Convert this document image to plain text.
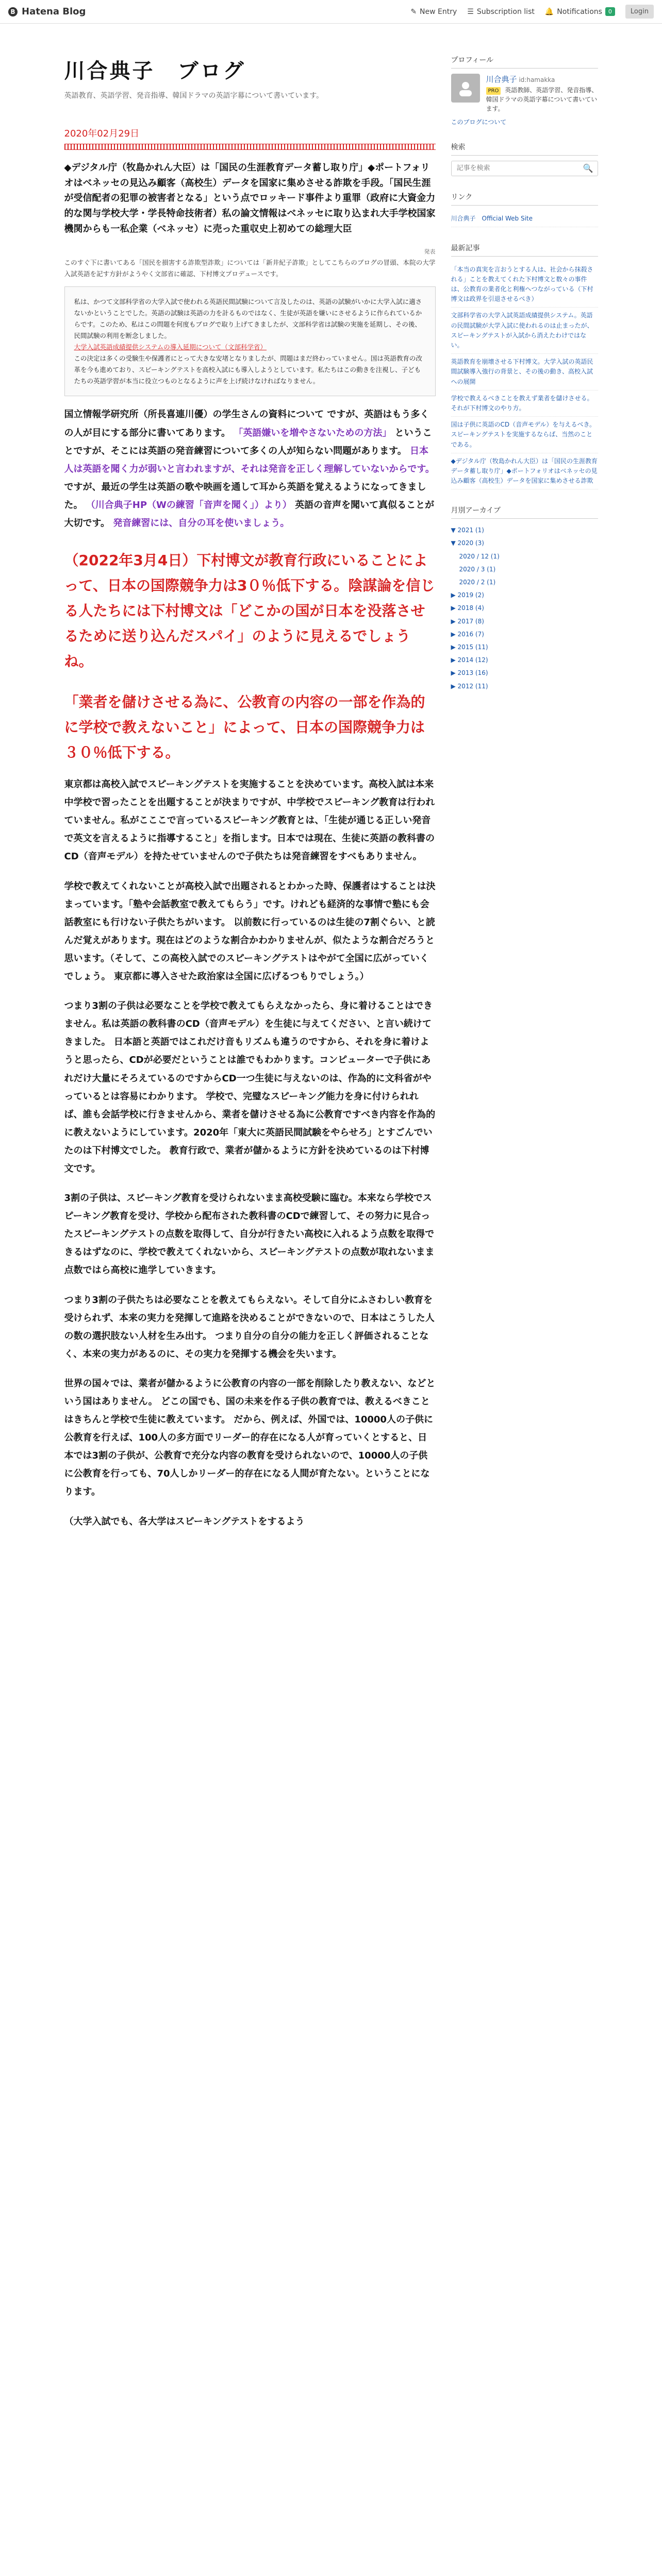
B Hatena Blog	✎ New Entry ☰ Subscription list 🔔 Notifications	0	Login
川合典子　ブログ
英語教育、英語学習、発音指導、韓国ドラマの英語字幕について書いています。
2020年02月29日
◆デジタル庁（牧島かれん大臣）は「国民の生涯教育データ蓄し取り庁」◆ポートフォリオはベネッセの見込み顧客（高校生）データを国家に集めさせる詐欺を手段。「国民生涯が受信配者の犯罪の被害者となる」という点でロッキード事件より重罪（政府に大資金力的な関与学校大学・学長特命技術者）私の論文情報はベネッセに取り込まれ大手学校国家機関からも一私企業（ベネッセ）に売った重収史上初めての総理大臣
発表
このすぐ下に書いてある「国民を損害する詐欺型詐欺」については「新井紀子詐欺」としてこちらのブログの冒頭、本院の大学入試英語を記す方針がようやく文部省に確認、下村博文プロデュースです。
私は、かつて文部科学省の大学入試で使われる英語民間試験について言及したのは、英語の試験がいかに大学入試に適さないかということでした。英語の試験は英語の力を計るものではなく、生徒が英語を嫌いにさせるように作られているからです。このため、私はこの問題を何度もブログで取り上げてきましたが、文部科学省は試験の実施を延期し、その後、民間試験の利用を断念しました。
大学入試英語成績提供システムの導入延期について（文部科学省）
この決定は多くの受験生や保護者にとって大きな安堵となりましたが、問題はまだ終わっていません。国は英語教育の改革を今も進めており、スピーキングテストを高校入試にも導入しようとしています。私たちはこの動きを注視し、子どもたちの英語学習が本当に役立つものとなるように声を上げ続けなければなりません。
国立情報学研究所（所長喜連川優）の学生さんの資料について ですが、英語はもう多くの人が目にする部分に書いてあります。 「英語嫌いを増やさないための方法」 ということですが、そこには英語の発音練習について多くの人が知らない問題があります。 日本人は英語を聞く力が弱いと言われますが、それは発音を正しく理解していないからです。 ですが、最近の学生は英語の歌や映画を通して耳から英語を覚えるようになってきました。 （川合典子HP（Wの練習「音声を聞く」）より） 英語の音声を聞いて真似ることが大切です。 発音練習には、自分の耳を使いましょう。
（2022年3月4日）下村博文が教育行政にいることによって、日本の国際競争力は3０％低下する。陰謀論を信じる人たちには下村博文は「どこかの国が日本を没落させるために送り込んだスパイ」のように見えるでしょうね。
「業者を儲けさせる為に、公教育の内容の一部を作為的に学校で教えないこと」によって、日本の国際競争力は３０％低下する。
東京都は高校入試でスピーキングテストを実施することを決めています。高校入試は本来中学校で習ったことを出題することが決まりですが、中学校でスピーキング教育は行われていません。私がこここで言っているスピーキング教育とは、「生徒が通じる正しい発音で英文を言えるように指導すること」を指します。日本では現在、生徒に英語の教科書のCD（音声モデル）を持たせていませんので子供たちは発音練習をすべもありません。
学校で教えてくれないことが高校入試で出題されるとわかった時、保護者はすることは決まっています。「塾や会話教室で教えてもらう」です。けれども経済的な事情で塾にも会話教室にも行けない子供たちがいます。 以前数に行っているのは生徒の7割ぐらい、と読んだ覚えがあります。現在はどのような割合かわかりませんが、似たような割合だろうと思います。（そして、この高校入試でのスピーキングテストはやがて全国に広がっていくでしょう。 東京都に導入させた政治家は全国に広げるつもりでしょう。）
つまり3割の子供は必要なことを学校で教えてもらえなかったら、身に着けることはできません。私は英語の教科書のCD（音声モデル）を生徒に与えてください、と言い続けてきました。 日本語と英語ではこれだけ音もリズムも違うのですから、それを身に着けようと思ったら、CDが必要だということは誰でもわかります。コンピューターで子供にあれだけ大量にそろえているのですからCD一つ生徒に与えないのは、作為的に文科省がやっているとは容易にわかります。 学校で、完璧なスピーキング能力を身に付けられれば、誰も会話学校に行きませんから、業者を儲けさせる為に公教育ですべき内容を作為的に教えないようにしています。2020年「東大に英語民間試験をやらせろ」とすごんでいたのは下村博文でした。 教育行政で、業者が儲かるように方針を決めているのは下村博文です。
3割の子供は、スピーキング教育を受けられないまま高校受験に臨む。本来なら学校でスピーキング教育を受け、学校から配布された教科書のCDで練習して、その努力に見合ったスピーキングテストの点数を取得して、自分が行きたい高校に入れるよう点数を取得できるはずなのに、学校で教えてくれないから、スピーキングテストの点数が取れないまま点数ではら高校に進学していきます。
つまり3割の子供たちは必要なことを教えてもらえない。そして自分にふさわしい教育を受けられず、本来の実力を発揮して進路を決めることができないので、日本はこうした人の数の選択肢ない人材を生み出す。 つまり自分の自分の能力を正しく評価されることなく、本来の実力があるのに、その実力を発揮する機会を失います。
世界の国々では、業者が儲かるように公教育の内容の一部を削除したり教えない、などという国はありません。 どこの国でも、国の未来を作る子供の教育では、教えるべきことはきちんと学校で生徒に教えています。 だから、例えば、外国では、10000人の子供に公教育を行えば、100人の多方面でリーダー的存在になる人が育っていくとすると、日本では3割の子供が、公教育で充分な内容の教育を受けられないので、10000人の子供に公教育を行っても、70人しかリーダー的存在になる人間が育たない。ということになります。
（大学入試でも、各大学はスピーキングテストをするよう
プロフィール
川合典子 id:hamakka
PRO 英語教師、英語学習、発音指導、韓国ドラマの英語字幕について書いています。
このブログについて
検索
記事を検索
🔍
リンク
川合典子　Official Web Site
最新記事
「本当の真実を言おうとする人は、社会から抹殺される」ことを教えてくれた下村博文と数々の事件は、公教育の業者化と利権へつながっている（下村博文は政界を引退させるべき）
文部科学省の大学入試英語成績提供システム。英語の民間試験が大学入試に使われるのは止まったが、スピーキングテストが入試から消えたわけではない。
英語教育を崩壊させる下村博文。大学入試の英語民間試験導入強行の背景と、その後の動き、高校入試への展開
学校で教えるべきことを教えず業者を儲けさせる。それが下村博文のやり方。
国は子供に英語のCD（音声モデル）を与えるべき。スピーキングテストを実施するならば、当然のことである。
◆デジタル庁（牧島かれん大臣）は「国民の生涯教育データ蓄し取り庁」◆ポートフォリオはベネッセの見込み顧客（高校生）データを国家に集めさせる詐欺
月別アーカイブ
▼ 2021 (1)
▼ 2020 (3)
2020 / 12 (1)
2020 / 3 (1)
2020 / 2 (1)
▶ 2019 (2)
▶ 2018 (4)
▶ 2017 (8)
▶ 2016 (7)
▶ 2015 (11)
▶ 2014 (12)
▶ 2013 (16)
▶ 2012 (11)
